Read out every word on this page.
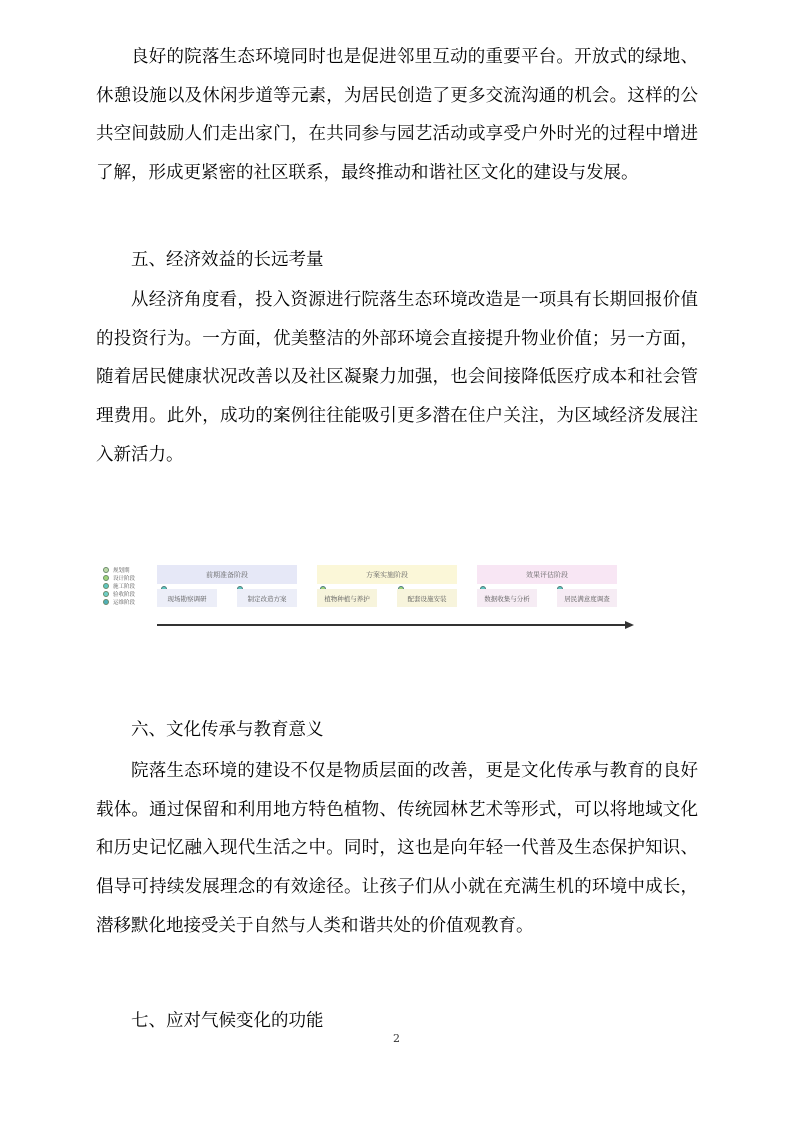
良好的院落生态环境同时也是促进邻里互动的重要平台。开放式的绿地、休憩设施以及休闲步道等元素，为居民创造了更多交流沟通的机会。这样的公共空间鼓励人们走出家门，在共同参与园艺活动或享受户外时光的过程中增进了解，形成更紧密的社区联系，最终推动和谐社区文化的建设与发展。

五、经济效益的长远考量

从经济角度看，投入资源进行院落生态环境改造是一项具有长期回报价值的投资行为。一方面，优美整洁的外部环境会直接提升物业价值；另一方面，随着居民健康状况改善以及社区凝聚力加强，也会间接降低医疗成本和社会管理费用。此外，成功的案例往往能吸引更多潜在住户关注，为区域经济发展注入新活力。

规划期
设计阶段
施工阶段
验收阶段
运维阶段
前期准备阶段	方案实施阶段	效果评估阶段
现场勘察调研	制定改造方案	植物种植与养护	配套设施安装	数据收集与分析	居民满意度调查

六、文化传承与教育意义

院落生态环境的建设不仅是物质层面的改善，更是文化传承与教育的良好载体。通过保留和利用地方特色植物、传统园林艺术等形式，可以将地域文化和历史记忆融入现代生活之中。同时，这也是向年轻一代普及生态保护知识、倡导可持续发展理念的有效途径。让孩子们从小就在充满生机的环境中成长，潜移默化地接受关于自然与人类和谐共处的价值观教育。

七、应对气候变化的功能

2
